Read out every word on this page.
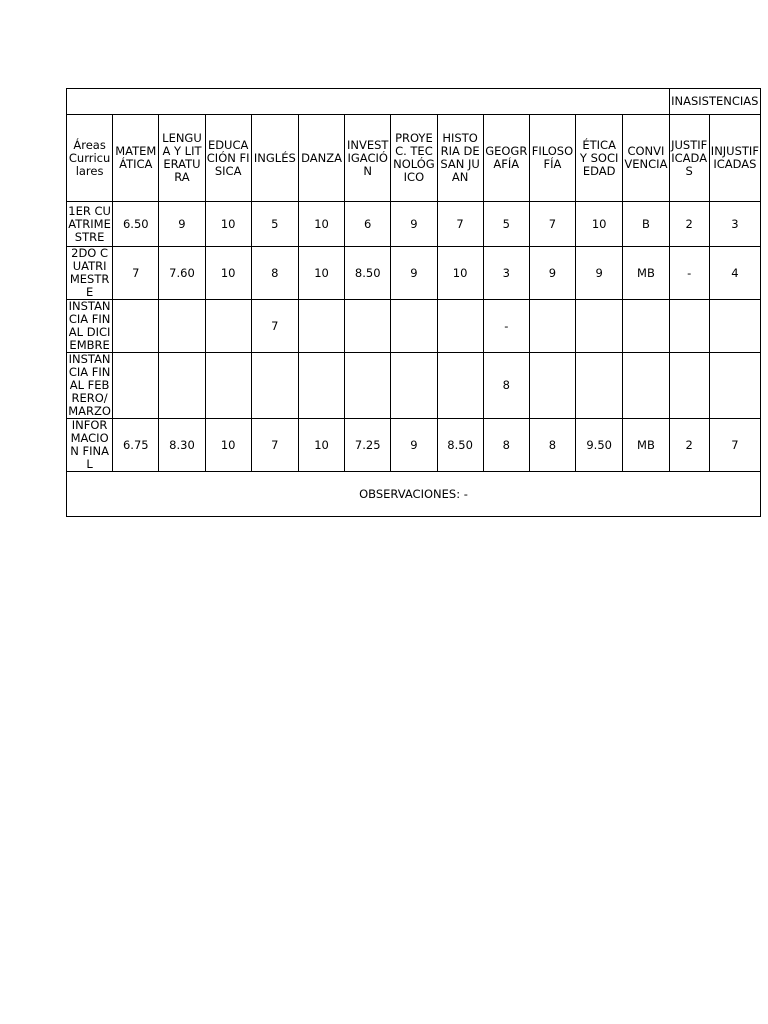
													INASISTENCIAS	
Áreas Curriculares	MATEMÁTICA	LENGUA Y LITERATURA	EDUCACIÓN FISICA	INGLÉS	DANZA	INVESTIGACIÓN	PROYEC. TECNOLÓGICO	HISTORIA DE SAN JUAN	GEOGRAFÍA	FILOSOFÍA	ÉTICA Y SOCIEDAD	CONVIVENCIA	JUSTIFICADAS	INJUSTIFICADAS
1ER CUATRIMESTRE	6.50	9	10	5	10	6	9	7	5	7	10	B	2	3
2DO CUATRIMESTRE	7	7.60	10	8	10	8.50	9	10	3	9	9	MB	-	4
INSTANCIA FINAL DICIEMBRE				7					-					
INSTANCIA FINAL FEBRERO/MARZO									8					
INFORMACION FINAL	6.75	8.30	10	7	10	7.25	9	8.50	8	8	9.50	MB	2	7
OBSERVACIONES: -														
